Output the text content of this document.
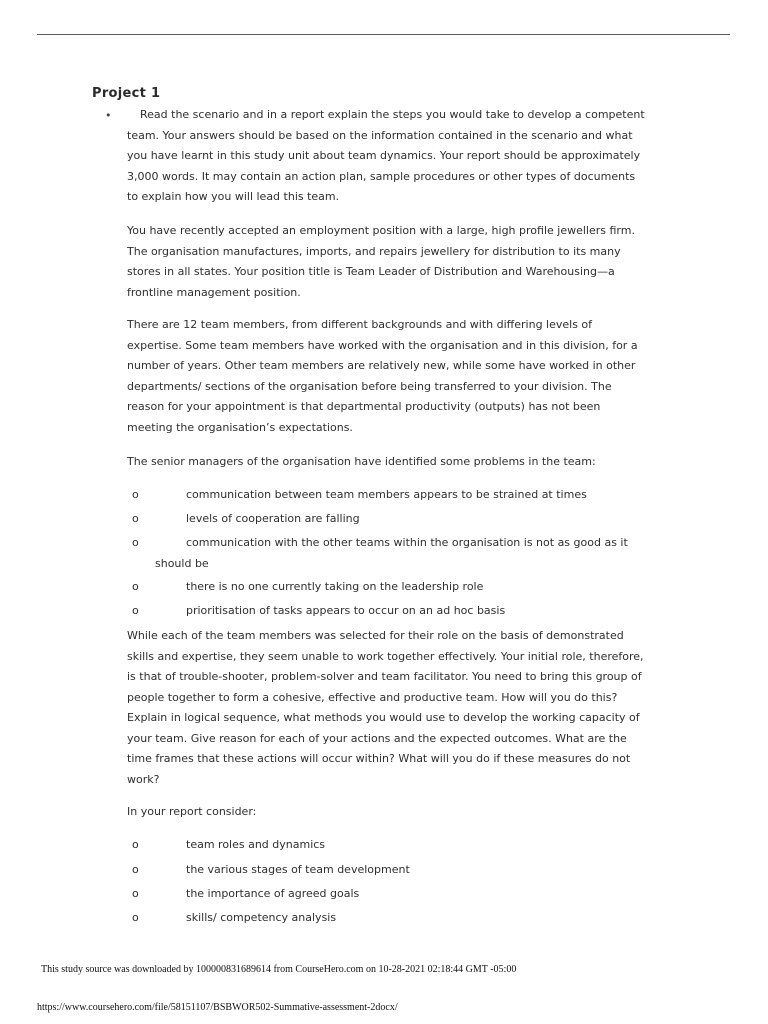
Project 1
•	Read the scenario and in a report explain the steps you would take to develop a competent team. Your answers should be based on the information contained in the scenario and what you have learnt in this study unit about team dynamics. Your report should be approximately 3,000 words. It may contain an action plan, sample procedures or other types of documents to explain how you will lead this team.
You have recently accepted an employment position with a large, high profile jewellers firm. The organisation manufactures, imports, and repairs jewellery for distribution to its many stores in all states. Your position title is Team Leader of Distribution and Warehousing—a frontline management position.
There are 12 team members, from different backgrounds and with differing levels of expertise. Some team members have worked with the organisation and in this division, for a number of years. Other team members are relatively new, while some have worked in other departments/ sections of the organisation before being transferred to your division. The reason for your appointment is that departmental productivity (outputs) has not been meeting the organisation’s expectations.
The senior managers of the organisation have identified some problems in the team:
o	communication between team members appears to be strained at times
o	levels of cooperation are falling
o	communication with the other teams within the organisation is not as good as it should be
o	there is no one currently taking on the leadership role
o	prioritisation of tasks appears to occur on an ad hoc basis
While each of the team members was selected for their role on the basis of demonstrated skills and expertise, they seem unable to work together effectively. Your initial role, therefore, is that of trouble-shooter, problem-solver and team facilitator. You need to bring this group of people together to form a cohesive, effective and productive team. How will you do this? Explain in logical sequence, what methods you would use to develop the working capacity of your team. Give reason for each of your actions and the expected outcomes. What are the time frames that these actions will occur within? What will you do if these measures do not work?
In your report consider:
o	team roles and dynamics
o	the various stages of team development
o	the importance of agreed goals
o	skills/ competency analysis
This study source was downloaded by 100000831689614 from CourseHero.com on 10-28-2021 02:18:44 GMT -05:00
https://www.coursehero.com/file/58151107/BSBWOR502-Summative-assessment-2docx/
